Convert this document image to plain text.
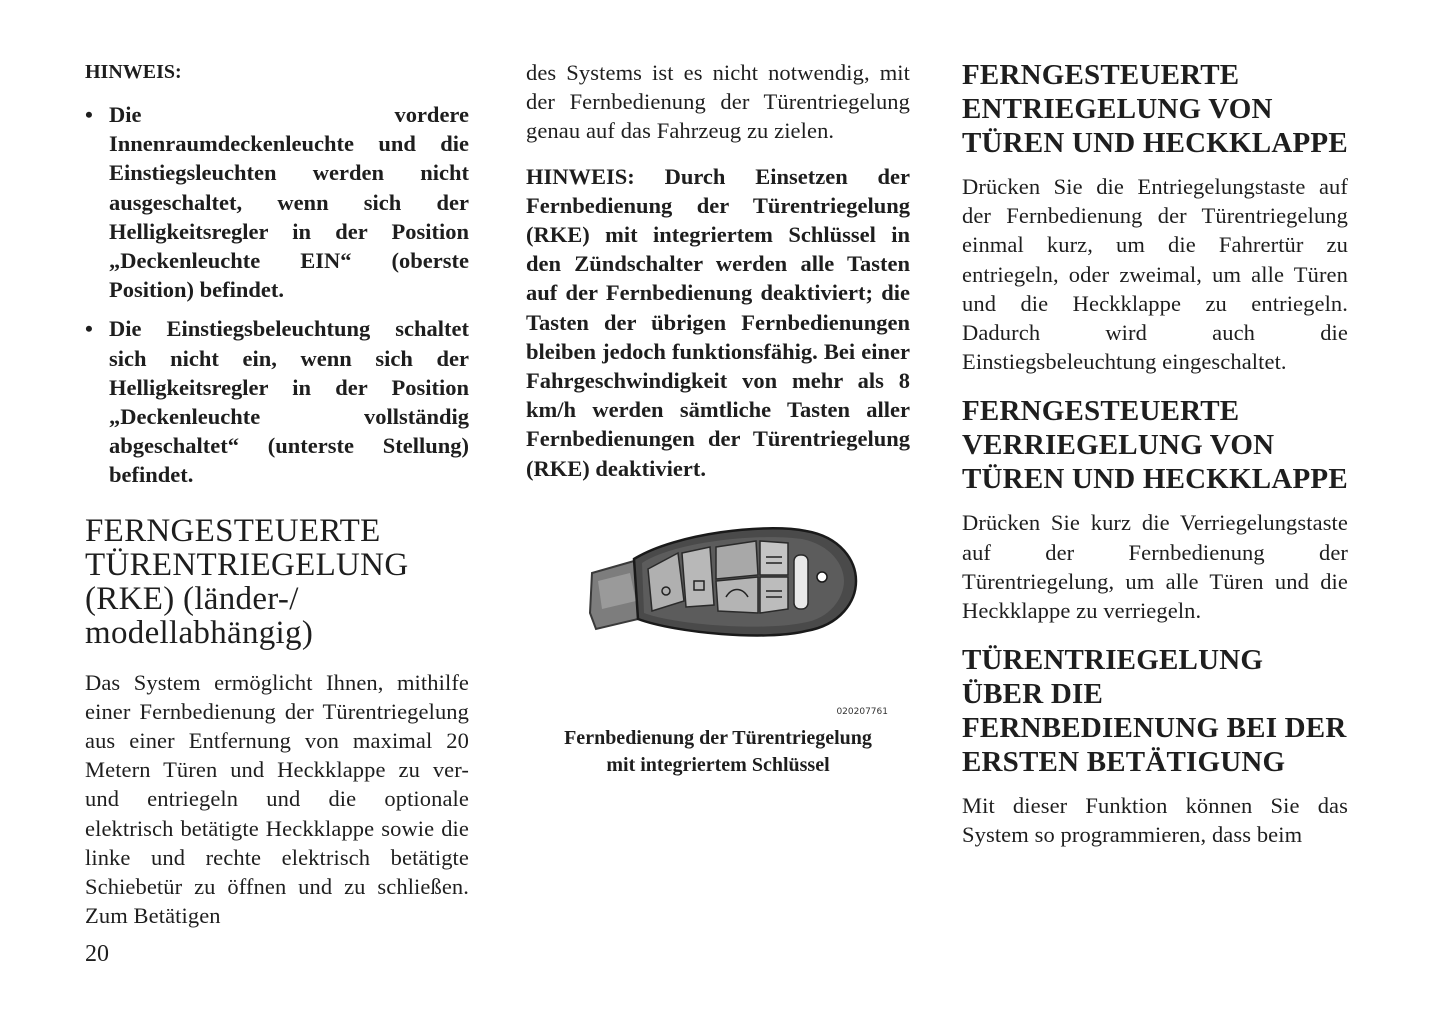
HINWEIS:

• Die vordere Innenraumdeckenleuchte und die Einstiegsleuchten werden nicht ausgeschaltet, wenn sich der Helligkeitsregler in der Position „Deckenleuchte EIN“ (oberste Position) befindet.
• Die Einstiegsbeleuchtung schaltet sich nicht ein, wenn sich der Helligkeitsregler in der Position „Deckenleuchte vollständig abgeschaltet“ (unterste Stellung) befindet.
FERNGESTEUERTE TÜRENTRIEGELUNG (RKE) (länder-/ modellabhängig)

Das System ermöglicht Ihnen, mithilfe einer Fernbedienung der Türentriegelung aus einer Entfernung von maximal 20 Metern Türen und Heckklappe zu ver- und entriegeln und die optionale elektrisch betätigte Heckklappe sowie die linke und rechte elektrisch betätigte Schiebetür zu öffnen und zu schließen. Zum Betätigen

des Systems ist es nicht notwendig, mit der Fernbedienung der Türentriegelung genau auf das Fahrzeug zu zielen.

HINWEIS: Durch Einsetzen der Fernbedienung der Türentriegelung (RKE) mit integriertem Schlüssel in den Zündschalter werden alle Tasten auf der Fernbedienung deaktiviert; die Tasten der übrigen Fernbedienungen bleiben jedoch funktionsfähig. Bei einer Fahrgeschwindigkeit von mehr als 8 km/h werden sämtliche Tasten aller Fernbedienungen der Türentriegelung (RKE) deaktiviert.

020207761
Fernbedienung der Türentriegelung
mit integriertem Schlüssel
FERNGESTEUERTE ENTRIEGELUNG VON TÜREN UND HECKKLAPPE

Drücken Sie die Entriegelungstaste auf der Fernbedienung der Türentriegelung einmal kurz, um die Fahrertür zu entriegeln, oder zweimal, um alle Türen und die Heckklappe zu entriegeln. Dadurch wird auch die Einstiegsbeleuchtung eingeschaltet.

FERNGESTEUERTE VERRIEGELUNG VON TÜREN UND HECKKLAPPE

Drücken Sie kurz die Verriegelungstaste auf der Fernbedienung der Türentriegelung, um alle Türen und die Heckklappe zu verriegeln.

TÜRENTRIEGELUNG ÜBER DIE FERNBEDIENUNG BEI DER ERSTEN BETÄTIGUNG

Mit dieser Funktion können Sie das System so programmieren, dass beim

20
